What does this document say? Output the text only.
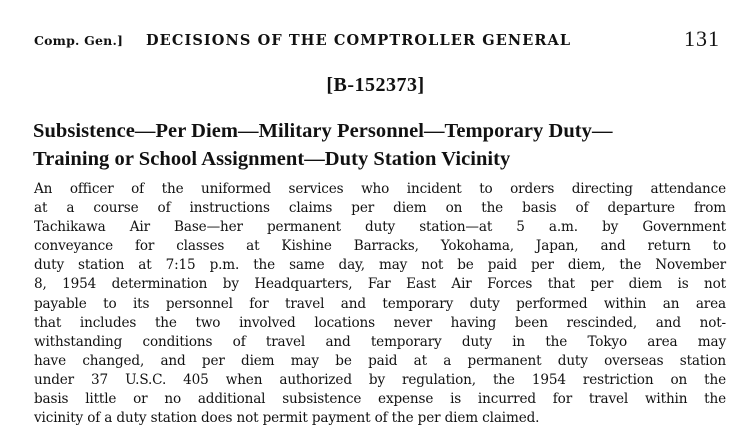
Comp. Gen.] DECISIONS OF THE COMPTROLLER GENERAL	131
[B-152373]
Subsistence—Per Diem—Military Personnel—Temporary Duty—
Training or School Assignment—Duty Station Vicinity
An officer of the uniformed services who incident to orders directing attendance
at a course of instructions claims per diem on the basis of departure from
Tachikawa Air Base—her permanent duty station—at 5 a.m. by Government
conveyance for classes at Kishine Barracks, Yokohama, Japan, and return to
duty station at 7:15 p.m. the same day, may not be paid per diem, the November
8, 1954 determination by Headquarters, Far East Air Forces that per diem is not
payable to its personnel for travel and temporary duty performed within an area
that includes the two involved locations never having been rescinded, and not-
withstanding conditions of travel and temporary duty in the Tokyo area may
have changed, and per diem may be paid at a permanent duty overseas station
under 37 U.S.C. 405 when authorized by regulation, the 1954 restriction on the
basis little or no additional subsistence expense is incurred for travel within the
vicinity of a duty station does not permit payment of the per diem claimed.
